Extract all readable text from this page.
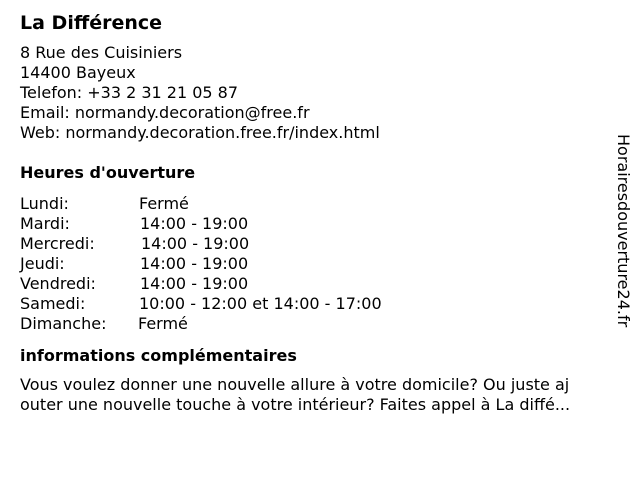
La Différence
8 Rue des Cuisiniers
14400 Bayeux
Telefon: +33 2 31 21 05 87
Email: normandy.decoration@free.fr
Web: normandy.decoration.free.fr/index.html
Heures d'ouverture
Lundi:	Fermé
Mardi:	14:00 - 19:00
Mercredi:	14:00 - 19:00
Jeudi:	14:00 - 19:00
Vendredi:	14:00 - 19:00
Samedi:	10:00 - 12:00 et 14:00 - 17:00
Dimanche: Fermé
informations complémentaires
Vous voulez donner une nouvelle allure à votre domicile? Ou juste aj
outer une nouvelle touche à votre intérieur? Faites appel à La diffé...
Horairesdouverture24.fr
